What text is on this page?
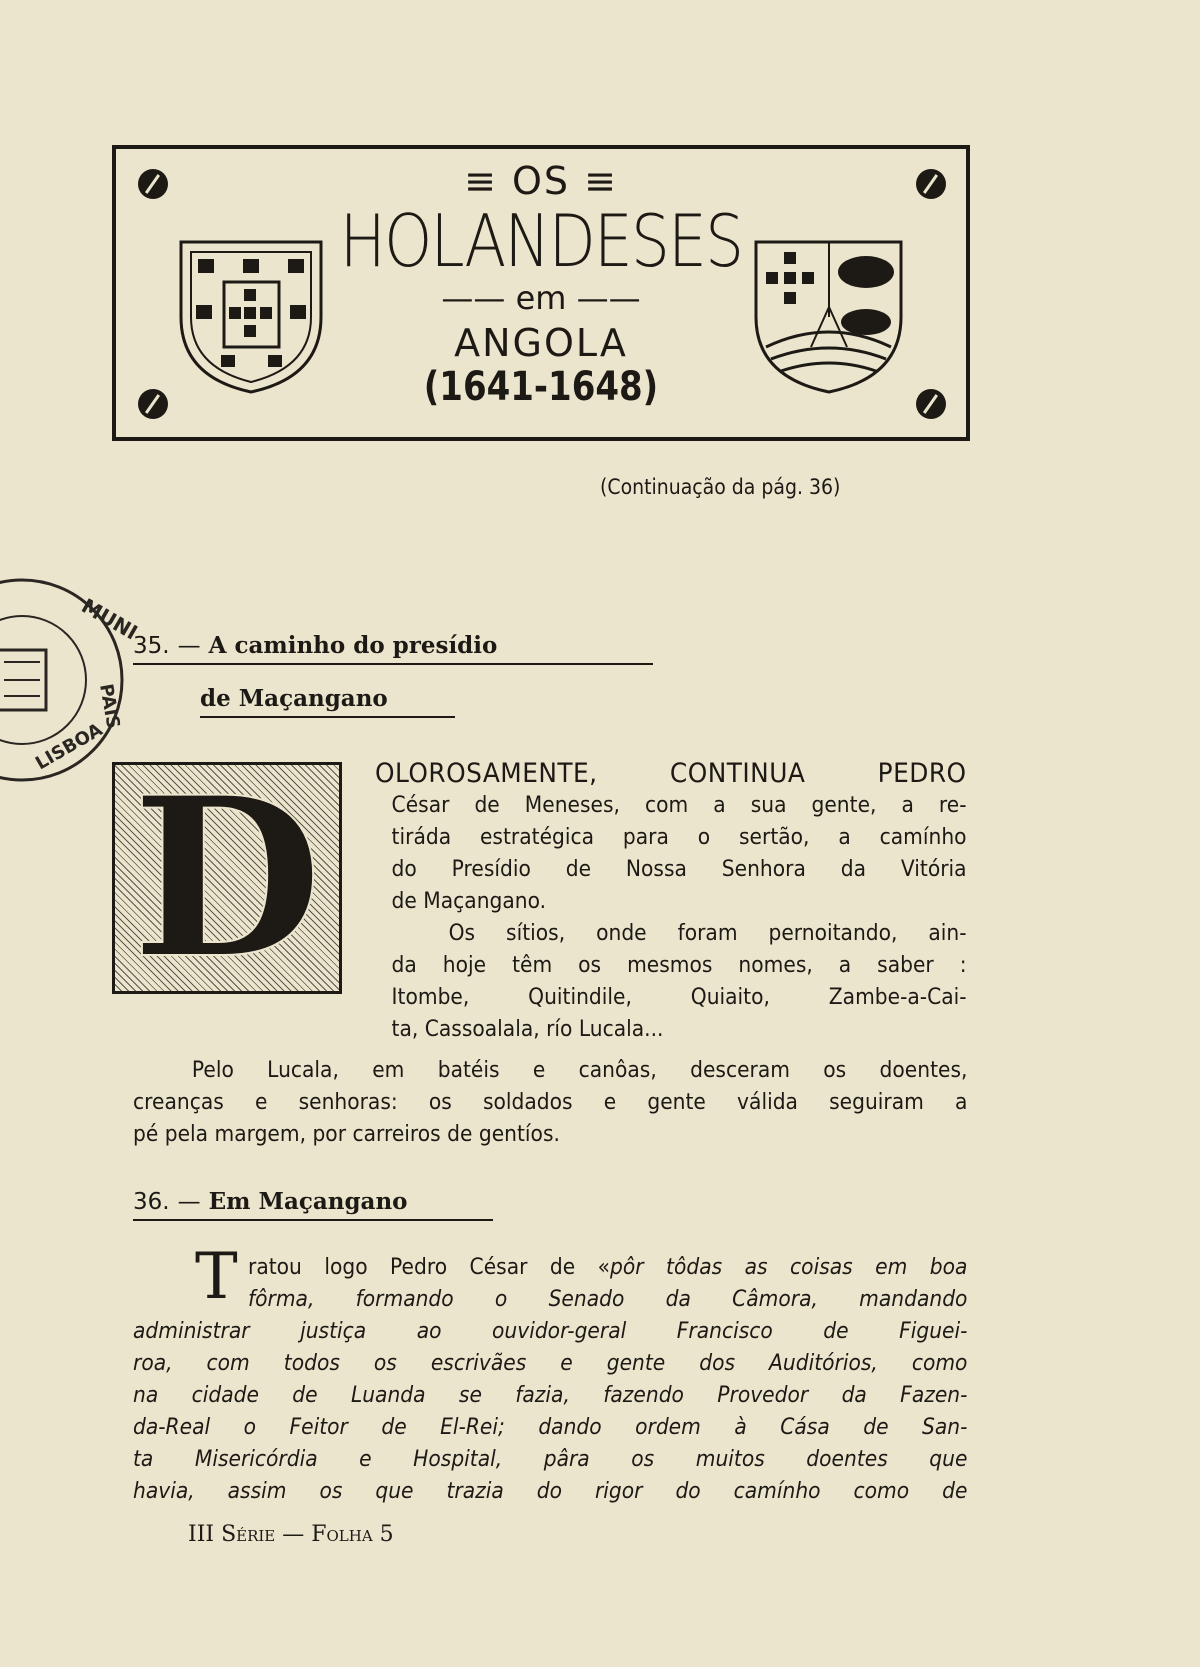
≡ OS ≡
HOLANDESES
—— em ——
ANGOLA
(1641-1648)
(Continuação da pág. 36)
MUNI
PAIS
LISBOA
35. — A caminho do presídio
de Maçangano
D OLOROSAMENTE, CONTINUA PEDRO
César de Meneses, com a sua gente, a re-
tiráda estratégica para o sertão, a camínho
do Presídio de Nossa Senhora da Vitória
de Maçangano.
Os sítios, onde foram pernoitando, ain-
da hoje têm os mesmos nomes, a saber :
Itombe, Quitindile, Quiaito, Zambe-a-Cai-
ta, Cassoalala, río Lucala...
Pelo Lucala, em batéis e canôas, desceram os doentes,
creanças e senhoras: os soldados e gente válida seguiram a
pé pela margem, por carreiros de gentíos.
36. — Em Maçangano
T ratou logo Pedro César de «pôr tôdas as coisas em boa
fôrma, formando o Senado da Câmora, mandando
administrar justiça ao ouvidor-geral Francisco de Figuei-
roa, com todos os escrivães e gente dos Auditórios, como
na cidade de Luanda se fazia, fazendo Provedor da Fazen-
da-Real o Feitor de El-Rei; dando ordem à Cása de San-
ta Misericórdia e Hospital, pâra os muitos doentes que
havia, assim os que trazia do rigor do camínho como de
III Série — Folha 5
